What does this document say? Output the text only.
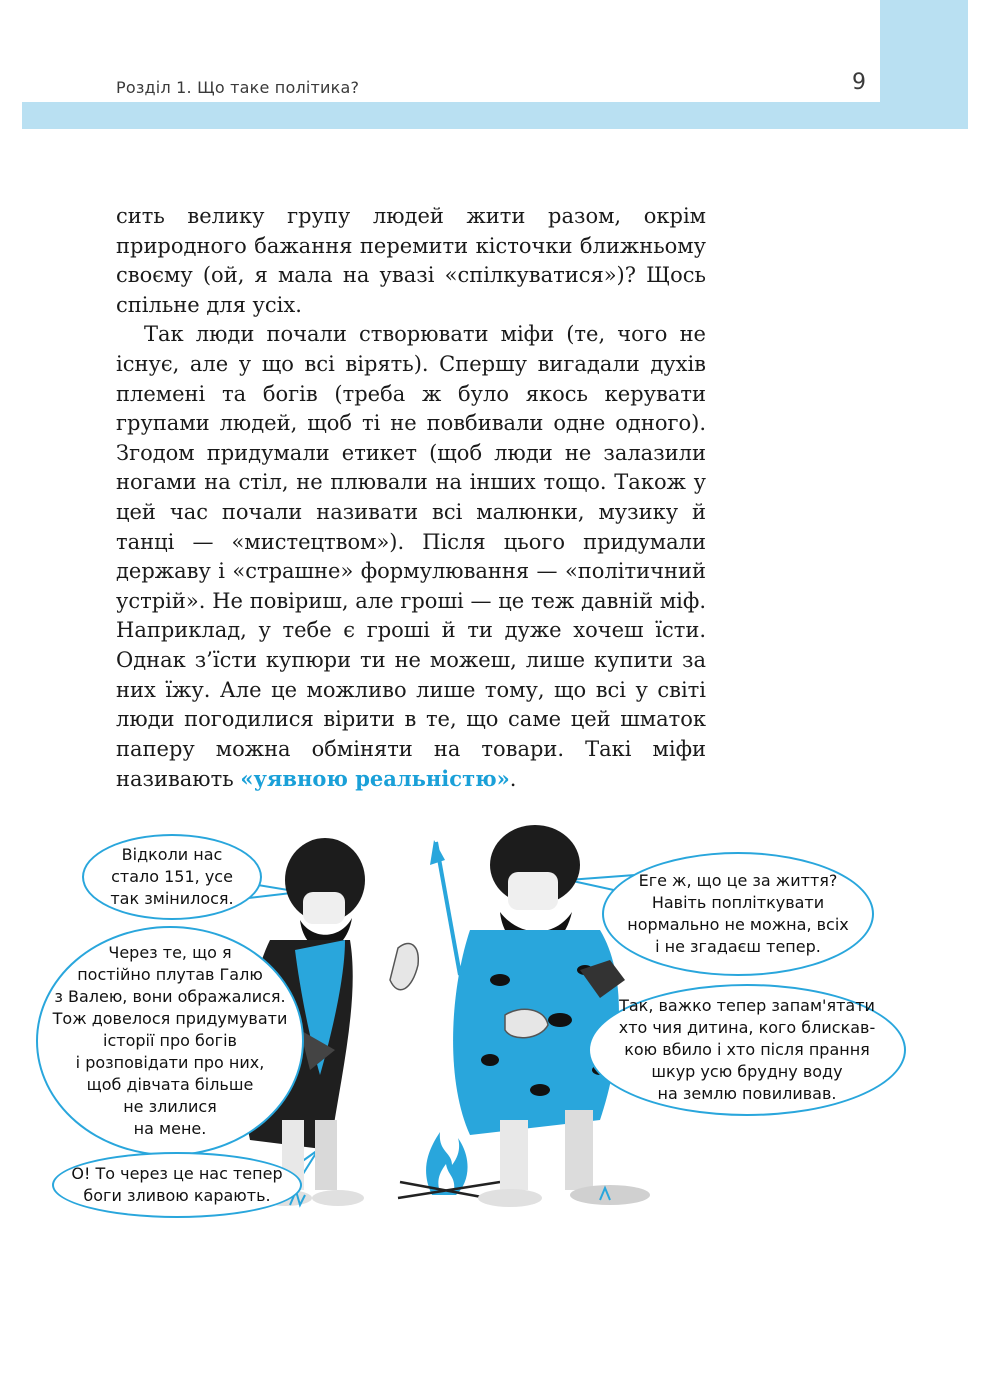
Розділ 1. Що таке політика?	9

сить велику групу людей жити разом, окрім природного бажання перемити кісточки ближньому своєму (ой, я мала на увазі «спілкуватися»)? Щось спільне для усіх.

Так люди почали створювати міфи (те, чого не існує, але у що всі вірять). Спершу вигадали духів племені та богів (треба ж було якось керувати групами людей, щоб ті не повбивали одне одного). Згодом придумали етикет (щоб люди не залазили ногами на стіл, не плювали на інших тощо. Також у цей час почали називати всі малюнки, музику й танці — «мистецтвом»). Після цього придумали державу і «страшне» формулювання — «політичний устрій». Не повіриш, але гроші — це теж давній міф. Наприклад, у тебе є гроші й ти дуже хочеш їсти. Однак з’їсти купюри ти не можеш, лише купити за них їжу. Але це можливо лише тому, що всі у світі люди погодилися вірити в те, що саме цей шматок паперу можна обміняти на товари. Такі міфи називають «уявною реальністю».

Відколи нас
стало 151, усе
так змінилося.
Через те, що я
постійно плутав Галю
з Валею, вони ображалися.
Тож довелося придумувати
історії про богів
і розповідати про них,
щоб дівчата більше
не злилися
на мене.
О! То через це нас тепер
боги зливою карають.
Еге ж, що це за життя?
Навіть попліткувати
нормально не можна, всіх
і не згадаєш тепер.
Так, важко тепер запам'ятати
хто чия дитина, кого блискав-
кою вбило і хто після прання
шкур усю брудну воду
на землю повиливав.
